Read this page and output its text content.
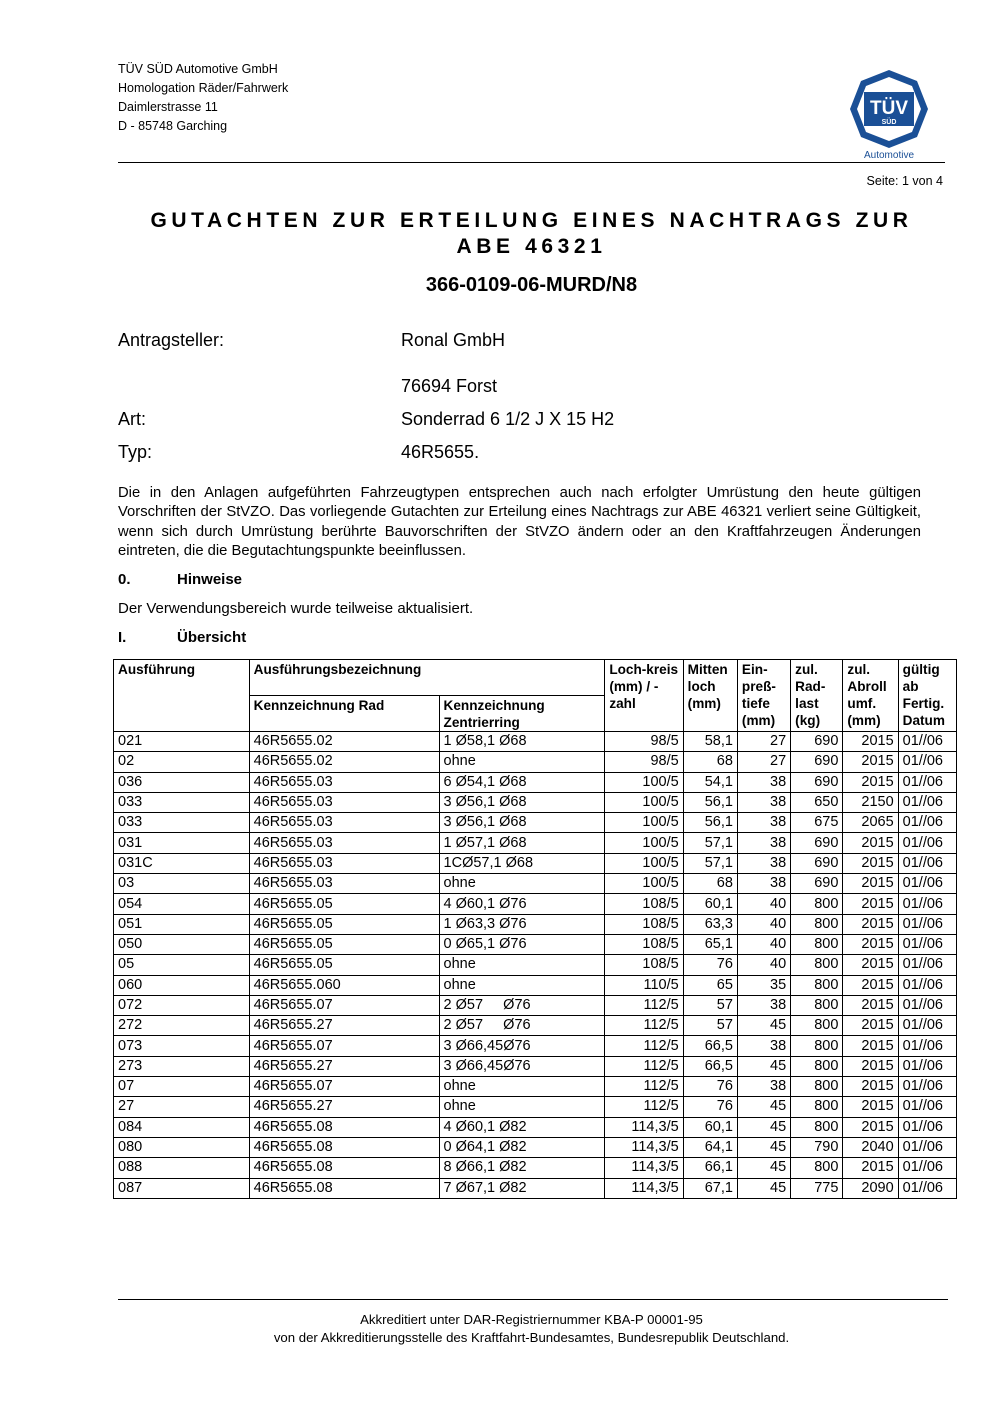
TÜV SÜD Automotive GmbH
Homologation Räder/Fahrwerk
Daimlerstrasse 11
D - 85748 Garching
TÜV
SÜD
Automotive
Seite: 1 von 4
GUTACHTEN ZUR ERTEILUNG EINES NACHTRAGS ZUR
ABE 46321
366-0109-06-MURD/N8
Antragsteller:	Ronal GmbH
76694 Forst
Art:	Sonderrad 6 1/2 J X 15 H2
Typ:	46R5655.
Die in den Anlagen aufgeführten Fahrzeugtypen entsprechen auch nach erfolgter Umrüstung den heute gültigen Vorschriften der StVZO. Das vorliegende Gutachten zur Erteilung eines Nachtrags zur ABE 46321 verliert seine Gültigkeit, wenn sich durch Umrüstung berührte Bauvorschriften der StVZO ändern oder an den Kraftfahrzeugen Änderungen eintreten, die die Begutachtungspunkte beeinflussen.
0.	Hinweise
Der Verwendungsbereich wurde teilweise aktualisiert.
I.	Übersicht
Ausführung	Ausführungsbezeichnung		Loch-kreis (mm) / -zahl	Mitten loch (mm)	Ein-preß-tiefe (mm)	zul. Rad-last (kg)	zul. Abroll umf. (mm)	gültig ab Fertig. Datum
	Kennzeichnung Rad	Kennzeichnung Zentrierring						
021	46R5655.02	1 Ø58,1 Ø68	98/5	58,1	27	690	2015	01//06
02	46R5655.02	ohne	98/5	68	27	690	2015	01//06
036	46R5655.03	6 Ø54,1 Ø68	100/5	54,1	38	690	2015	01//06
033	46R5655.03	3 Ø56,1 Ø68	100/5	56,1	38	650	2150	01//06
033	46R5655.03	3 Ø56,1 Ø68	100/5	56,1	38	675	2065	01//06
031	46R5655.03	1 Ø57,1 Ø68	100/5	57,1	38	690	2015	01//06
031C	46R5655.03	1CØ57,1 Ø68	100/5	57,1	38	690	2015	01//06
03	46R5655.03	ohne	100/5	68	38	690	2015	01//06
054	46R5655.05	4 Ø60,1 Ø76	108/5	60,1	40	800	2015	01//06
051	46R5655.05	1 Ø63,3 Ø76	108/5	63,3	40	800	2015	01//06
050	46R5655.05	0 Ø65,1 Ø76	108/5	65,1	40	800	2015	01//06
05	46R5655.05	ohne	108/5	76	40	800	2015	01//06
060	46R5655.060	ohne	110/5	65	35	800	2015	01//06
072	46R5655.07	2 Ø57     Ø76	112/5	57	38	800	2015	01//06
272	46R5655.27	2 Ø57     Ø76	112/5	57	45	800	2015	01//06
073	46R5655.07	3 Ø66,45Ø76	112/5	66,5	38	800	2015	01//06
273	46R5655.27	3 Ø66,45Ø76	112/5	66,5	45	800	2015	01//06
07	46R5655.07	ohne	112/5	76	38	800	2015	01//06
27	46R5655.27	ohne	112/5	76	45	800	2015	01//06
084	46R5655.08	4 Ø60,1 Ø82	114,3/5	60,1	45	800	2015	01//06
080	46R5655.08	0 Ø64,1 Ø82	114,3/5	64,1	45	790	2040	01//06
088	46R5655.08	8 Ø66,1 Ø82	114,3/5	66,1	45	800	2015	01//06
087	46R5655.08	7 Ø67,1 Ø82	114,3/5	67,1	45	775	2090	01//06
Akkreditiert unter DAR-Registriernummer KBA-P 00001-95
von der Akkreditierungsstelle des Kraftfahrt-Bundesamtes, Bundesrepublik Deutschland.
